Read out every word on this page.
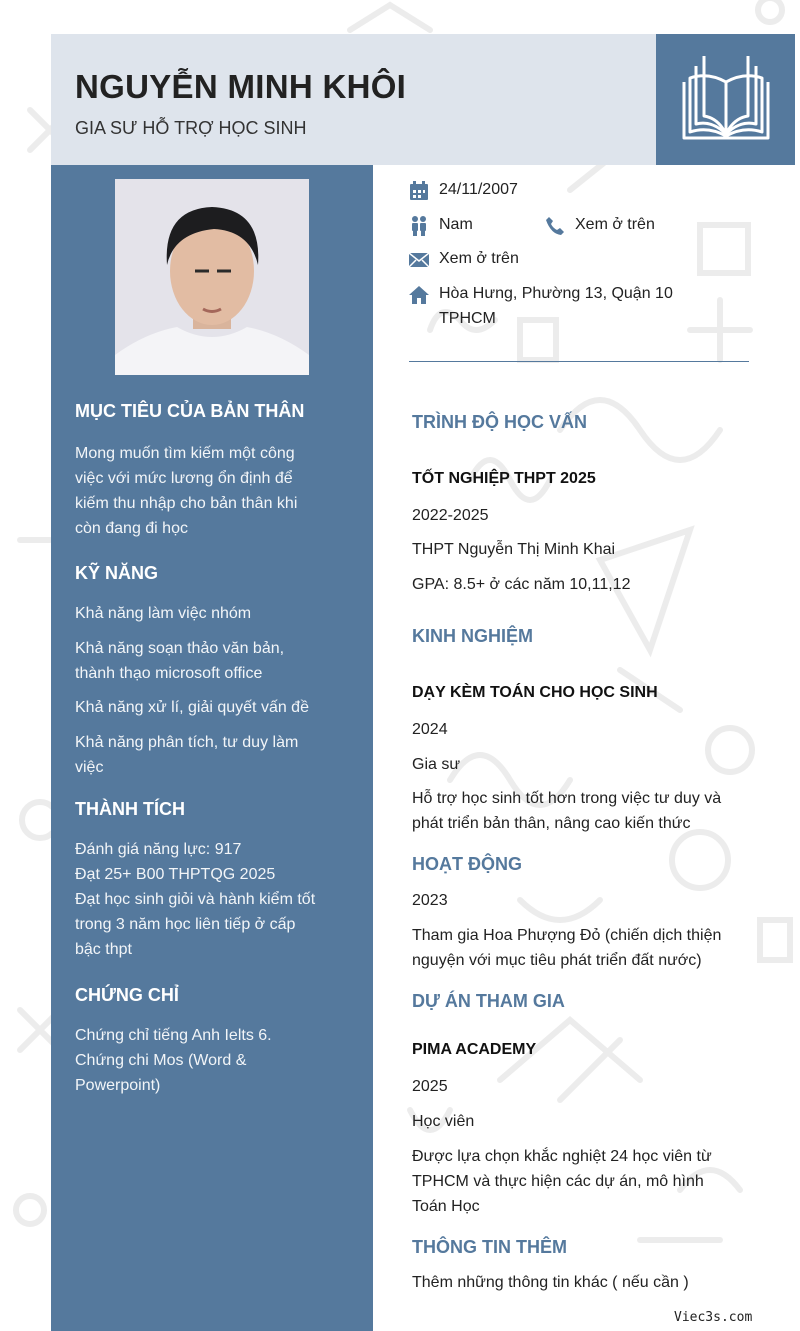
NGUYỄN MINH KHÔI
GIA SƯ HỖ TRỢ HỌC SINH
MỤC TIÊU CỦA BẢN THÂN
Mong muốn tìm kiếm một công
việc với mức lương ổn định để
kiếm thu nhập cho bản thân khi
còn đang đi học
KỸ NĂNG
Khả năng làm việc nhóm
Khả năng soạn thảo văn bản,
thành thạo microsoft office
Khả năng xử lí, giải quyết vấn đề
Khả năng phân tích, tư duy làm
việc
THÀNH TÍCH
Đánh giá năng lực: 917
Đạt 25+ B00 THPTQG 2025
Đạt học sinh giỏi và hành kiểm tốt
trong 3 năm học liên tiếp ở cấp
bậc thpt
CHỨNG CHỈ
Chứng chỉ tiếng Anh Ielts 6.
Chứng chi Mos (Word &
Powerpoint)
24/11/2007
Nam	Xem ở trên
Xem ở trên
Hòa Hưng, Phường 13, Quận 10
TPHCM
TRÌNH ĐỘ HỌC VẤN
TỐT NGHIỆP THPT 2025
2022-2025
THPT Nguyễn Thị Minh Khai
GPA: 8.5+ ở các năm 10,11,12
KINH NGHIỆM
DẠY KÈM TOÁN CHO HỌC SINH
2024
Gia sư
Hỗ trợ học sinh tốt hơn trong việc tư duy và
phát triển bản thân, nâng cao kiến thức
HOẠT ĐỘNG
2023
Tham gia Hoa Phượng Đỏ (chiến dịch thiện
nguyện với mục tiêu phát triển đất nước)
DỰ ÁN THAM GIA
PIMA ACADEMY
2025
Học viên
Được lựa chọn khắc nghiệt 24 học viên từ
TPHCM và thực hiện các dự án, mô hình
Toán Học
THÔNG TIN THÊM
Thêm những thông tin khác ( nếu cần )
Viec3s.com
